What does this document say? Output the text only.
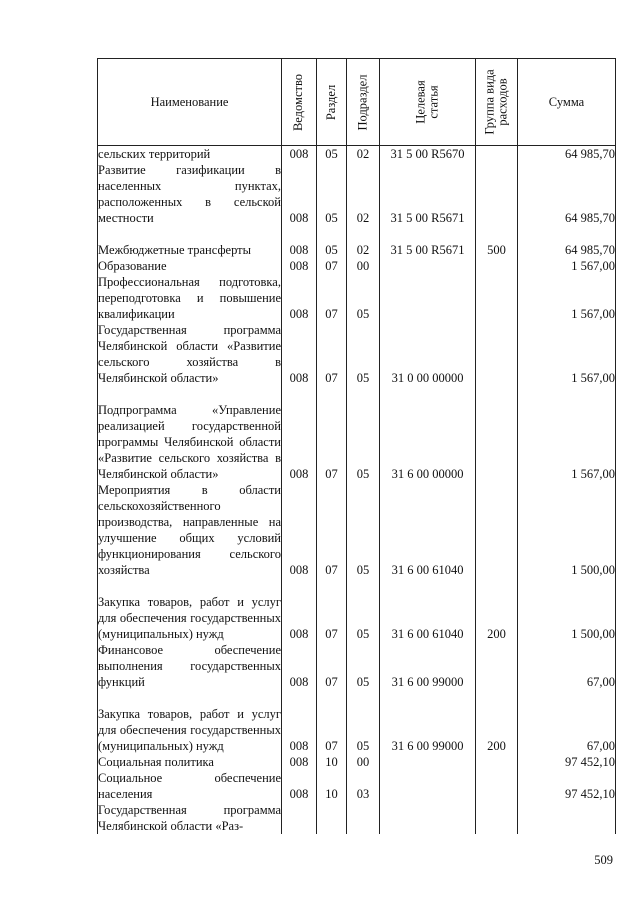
Наименование	Ведомство	Раздел	Подраздел	Целевая статья	Группа вида расходов	Сумма
сельских территорий	008	05	02	31 5 00 R5670		64 985,70
Развитие газификации в населенных пунктах, расположенных в сельской местности	008	05	02	31 5 00 R5671		64 985,70
Межбюджетные трансферты	008	05	02	31 5 00 R5671	500	64 985,70
Образование	008	07	00			1 567,00
Профессиональная подготовка, переподготовка и повышение квалификации	008	07	05			1 567,00
Государственная программа Челябинской области «Развитие сельского хозяйства в Челябинской области»	008	07	05	31 0 00 00000		1 567,00
Подпрограмма «Управление реализацией государственной программы Челябинской области «Развитие сельского хозяйства в Челябинской области»	008	07	05	31 6 00 00000		1 567,00
Мероприятия в области сельскохозяйственного производства, направленные на улучшение общих условий функционирования сельского хозяйства	008	07	05	31 6 00 61040		1 500,00
Закупка товаров, работ и услуг для обеспечения государственных (муниципальных) нужд	008	07	05	31 6 00 61040	200	1 500,00
Финансовое обеспечение выполнения государственных функций	008	07	05	31 6 00 99000		67,00
Закупка товаров, работ и услуг для обеспечения государственных (муниципальных) нужд	008	07	05	31 6 00 99000	200	67,00
Социальная политика	008	10	00			97 452,10
Социальное обеспечение населения	008	10	03			97 452,10
Государственная программа Челябинской области «Раз-						
509
